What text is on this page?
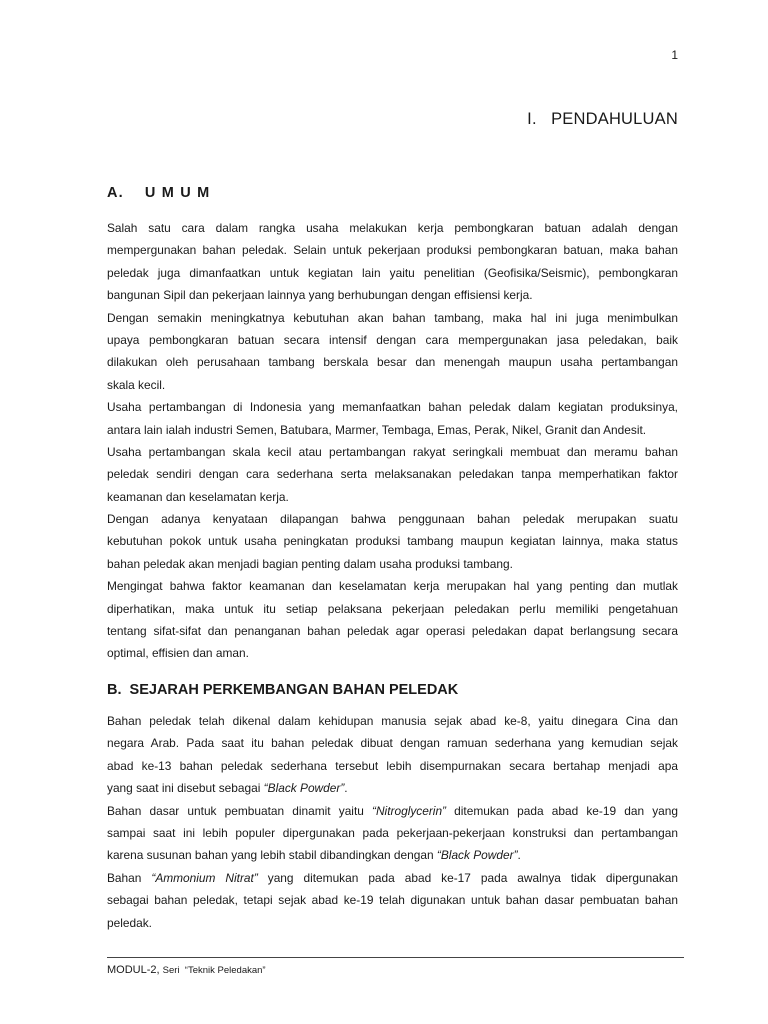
1
I.   PENDAHULUAN
A.    U M U M
Salah satu cara dalam rangka usaha melakukan kerja pembongkaran batuan adalah dengan
mempergunakan bahan peledak. Selain untuk pekerjaan produksi pembongkaran batuan, maka bahan
peledak juga dimanfaatkan untuk kegiatan lain yaitu penelitian (Geofisika/Seismic), pembongkaran
bangunan Sipil dan pekerjaan lainnya yang berhubungan dengan effisiensi kerja.
Dengan semakin meningkatnya kebutuhan akan bahan tambang, maka hal ini juga menimbulkan
upaya pembongkaran batuan secara intensif dengan cara mempergunakan jasa peledakan, baik
dilakukan oleh perusahaan tambang berskala besar dan menengah maupun usaha pertambangan
skala kecil.
Usaha pertambangan di Indonesia yang memanfaatkan bahan peledak dalam kegiatan produksinya,
antara lain ialah industri Semen, Batubara, Marmer, Tembaga, Emas, Perak, Nikel, Granit dan Andesit.
Usaha pertambangan skala kecil atau pertambangan rakyat seringkali membuat dan meramu bahan
peledak sendiri dengan cara sederhana serta melaksanakan peledakan tanpa memperhatikan faktor
keamanan dan keselamatan kerja.
Dengan adanya kenyataan dilapangan bahwa penggunaan bahan peledak merupakan suatu
kebutuhan pokok untuk usaha peningkatan produksi tambang maupun kegiatan lainnya, maka status
bahan peledak akan menjadi bagian penting dalam usaha produksi tambang.
Mengingat bahwa faktor keamanan dan keselamatan kerja merupakan hal yang penting dan mutlak
diperhatikan, maka untuk itu setiap pelaksana pekerjaan peledakan perlu memiliki pengetahuan
tentang sifat-sifat dan penanganan bahan peledak agar operasi peledakan dapat berlangsung secara
optimal, effisien dan aman.
B.  SEJARAH PERKEMBANGAN BAHAN PELEDAK
Bahan peledak telah dikenal dalam kehidupan manusia sejak abad ke-8, yaitu dinegara Cina dan
negara Arab. Pada saat itu bahan peledak dibuat dengan ramuan sederhana yang kemudian sejak
abad ke-13 bahan peledak sederhana tersebut lebih disempurnakan secara bertahap menjadi apa
yang saat ini disebut sebagai “Black Powder”.
Bahan dasar untuk pembuatan dinamit yaitu “Nitroglycerin” ditemukan pada abad ke-19 dan yang
sampai saat ini lebih populer dipergunakan pada pekerjaan-pekerjaan konstruksi dan pertambangan
karena susunan bahan yang lebih stabil dibandingkan dengan “Black Powder”.
Bahan “Ammonium Nitrat” yang ditemukan pada abad ke-17 pada awalnya tidak dipergunakan
sebagai bahan peledak, tetapi sejak abad ke-19 telah digunakan untuk bahan dasar pembuatan bahan
peledak.
MODUL-2, Seri  “Teknik Peledakan”
